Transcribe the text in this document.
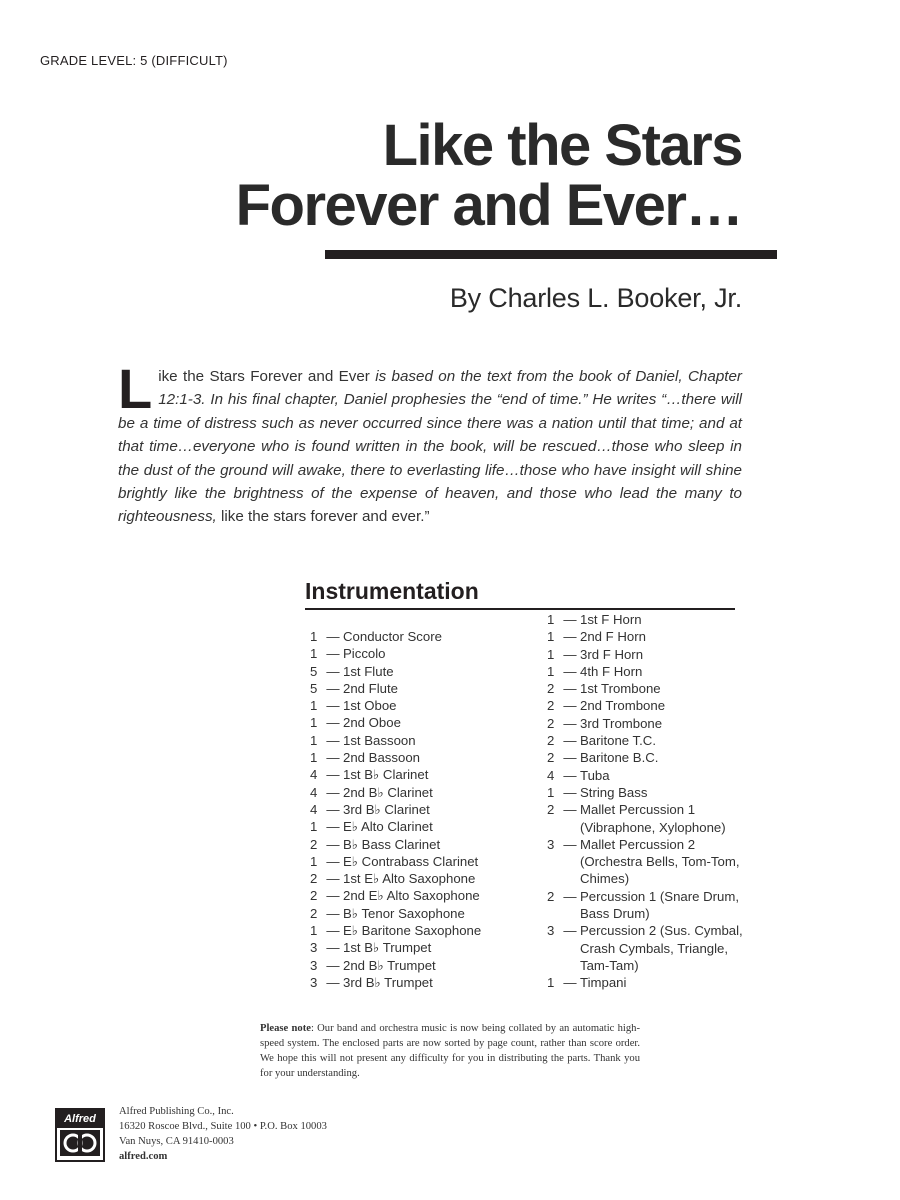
GRADE LEVEL: 5 (DIFFICULT)
Like the Stars
Forever and Ever…
By Charles L. Booker, Jr.
Like the Stars Forever and Ever is based on the text from the book of Daniel, Chapter 12:1-3. In his final chapter, Daniel prophesies the “end of time.” He writes “…there will be a time of distress such as never occurred since there was a nation until that time; and at that time…everyone who is found written in the book, will be rescued…those who sleep in the dust of the ground will awake, there to everlasting life…those who have insight will shine brightly like the brightness of the expense of heaven, and those who lead the many to righteousness, like the stars forever and ever.”
Instrumentation
1 — Conductor Score
1 — Piccolo
5 — 1st Flute
5 — 2nd Flute
1 — 1st Oboe
1 — 2nd Oboe
1 — 1st Bassoon
1 — 2nd Bassoon
4 — 1st B♭ Clarinet
4 — 2nd B♭ Clarinet
4 — 3rd B♭ Clarinet
1 — E♭ Alto Clarinet
2 — B♭ Bass Clarinet
1 — E♭ Contrabass Clarinet
2 — 1st E♭ Alto Saxophone
2 — 2nd E♭ Alto Saxophone
2 — B♭ Tenor Saxophone
1 — E♭ Baritone Saxophone
3 — 1st B♭ Trumpet
3 — 2nd B♭ Trumpet
3 — 3rd B♭ Trumpet
1 — 1st F Horn
1 — 2nd F Horn
1 — 3rd F Horn
1 — 4th F Horn
2 — 1st Trombone
2 — 2nd Trombone
2 — 3rd Trombone
2 — Baritone T.C.
2 — Baritone B.C.
4 — Tuba
1 — String Bass
2 — Mallet Percussion 1
(Vibraphone, Xylophone)
3 — Mallet Percussion 2
(Orchestra Bells, Tom-Tom,
Chimes)
2 — Percussion 1 (Snare Drum,
Bass Drum)
3 — Percussion 2 (Sus. Cymbal,
Crash Cymbals, Triangle,
Tam-Tam)
1 — Timpani
Please note: Our band and orchestra music is now being collated by an automatic high-speed system. The enclosed parts are now sorted by page count, rather than score order. We hope this will not present any difficulty for you in distributing the parts. Thank you for your understanding.
Alfred
Alfred Publishing Co., Inc.
16320 Roscoe Blvd., Suite 100 • P.O. Box 10003
Van Nuys, CA 91410-0003
alfred.com
